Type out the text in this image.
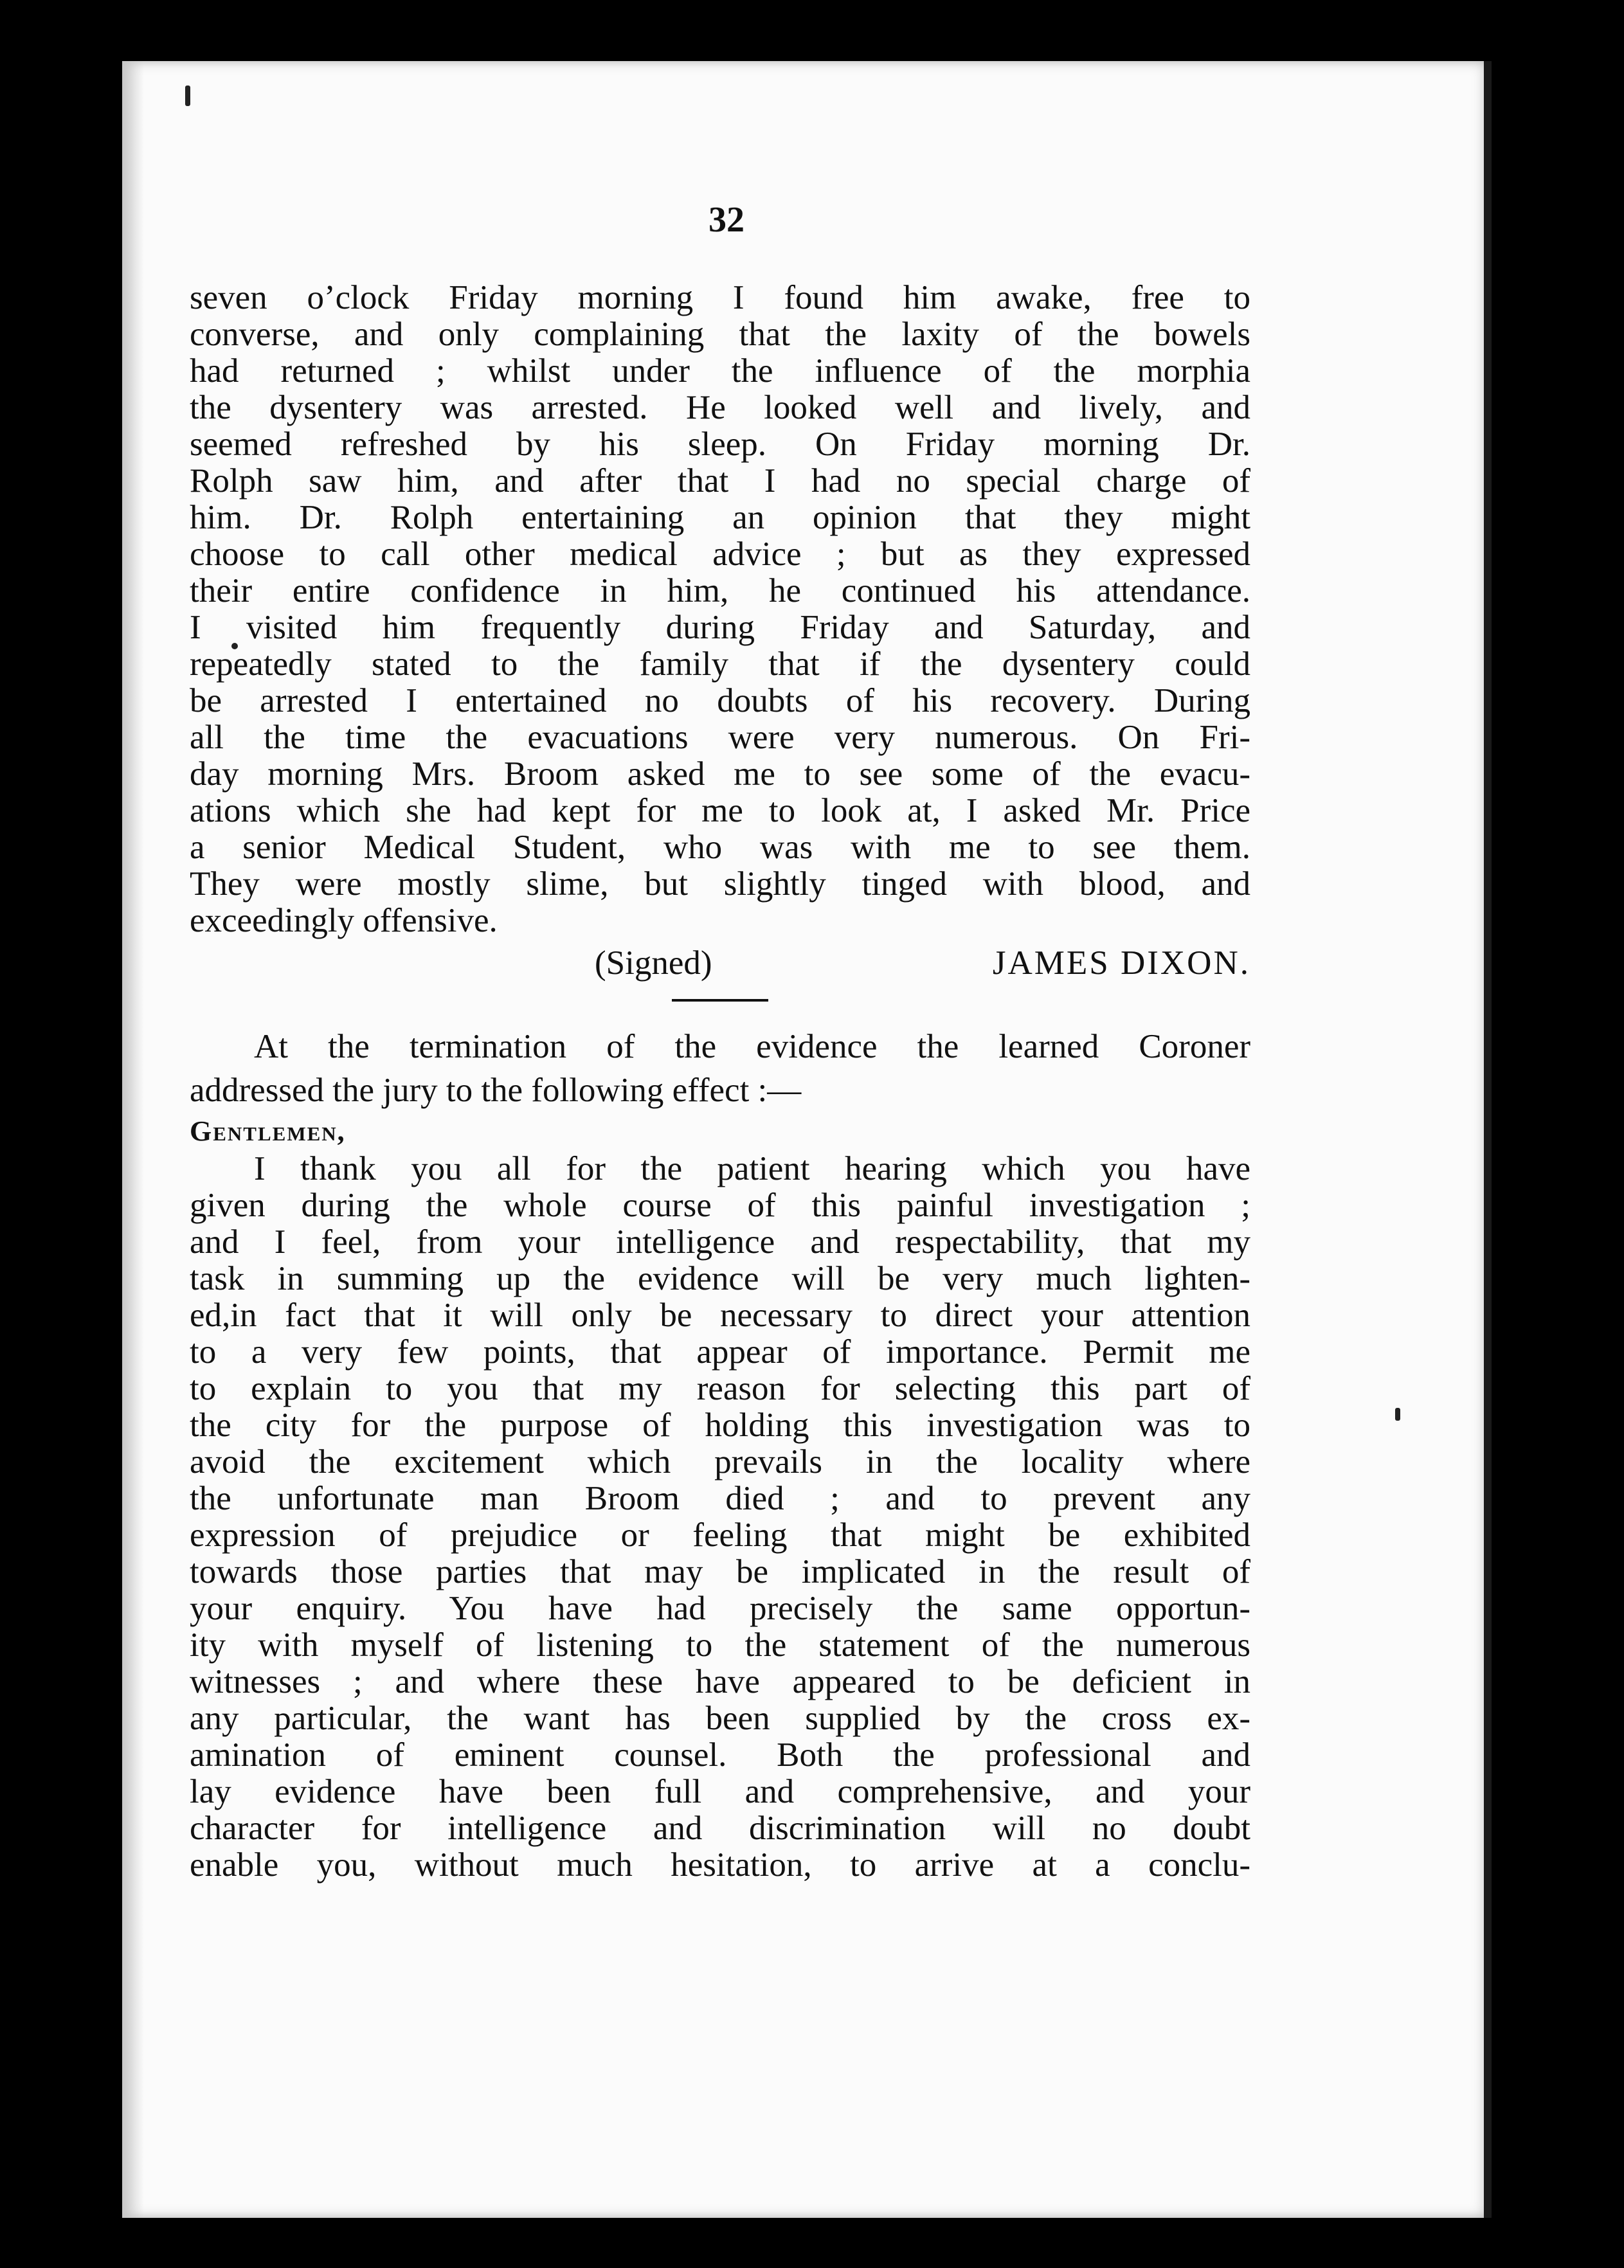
32
seven o’clock Friday morning I found him awake, free to
converse, and only complaining that the laxity of the bowels
had returned ; whilst under the influence of the morphia
the dysentery was arrested. He looked well and lively, and
seemed refreshed by his sleep. On Friday morning Dr.
Rolph saw him, and after that I had no special charge of
him. Dr. Rolph entertaining an opinion that they might
choose to call other medical advice ; but as they expressed
their entire confidence in him, he continued his attendance.
I visited him frequently during Friday and Saturday, and
repeatedly stated to the family that if the dysentery could
be arrested I entertained no doubts of his recovery. During
all the time the evacuations were very numerous. On Fri-
day morning Mrs. Broom asked me to see some of the evacu-
ations which she had kept for me to look at, I asked Mr. Price
a senior Medical Student, who was with me to see them.
They were mostly slime, but slightly tinged with blood, and
exceedingly offensive.
(Signed)	JAMES DIXON.
At the termination of the evidence the learned Coroner
addressed the jury to the following effect :—
Gentlemen,
I thank you all for the patient hearing which you have
given during the whole course of this painful investigation ;
and I feel, from your intelligence and respectability, that my
task in summing up the evidence will be very much lighten-
ed,in fact that it will only be necessary to direct your attention
to a very few points, that appear of importance. Permit me
to explain to you that my reason for selecting this part of
the city for the purpose of holding this investigation was to
avoid the excitement which prevails in the locality where
the unfortunate man Broom died ; and to prevent any
expression of prejudice or feeling that might be exhibited
towards those parties that may be implicated in the result of
your enquiry. You have had precisely the same opportun-
ity with myself of listening to the statement of the numerous
witnesses ; and where these have appeared to be deficient in
any particular, the want has been supplied by the cross ex-
amination of eminent counsel. Both the professional and
lay evidence have been full and comprehensive, and your
character for intelligence and discrimination will no doubt
enable you, without much hesitation, to arrive at a conclu-
